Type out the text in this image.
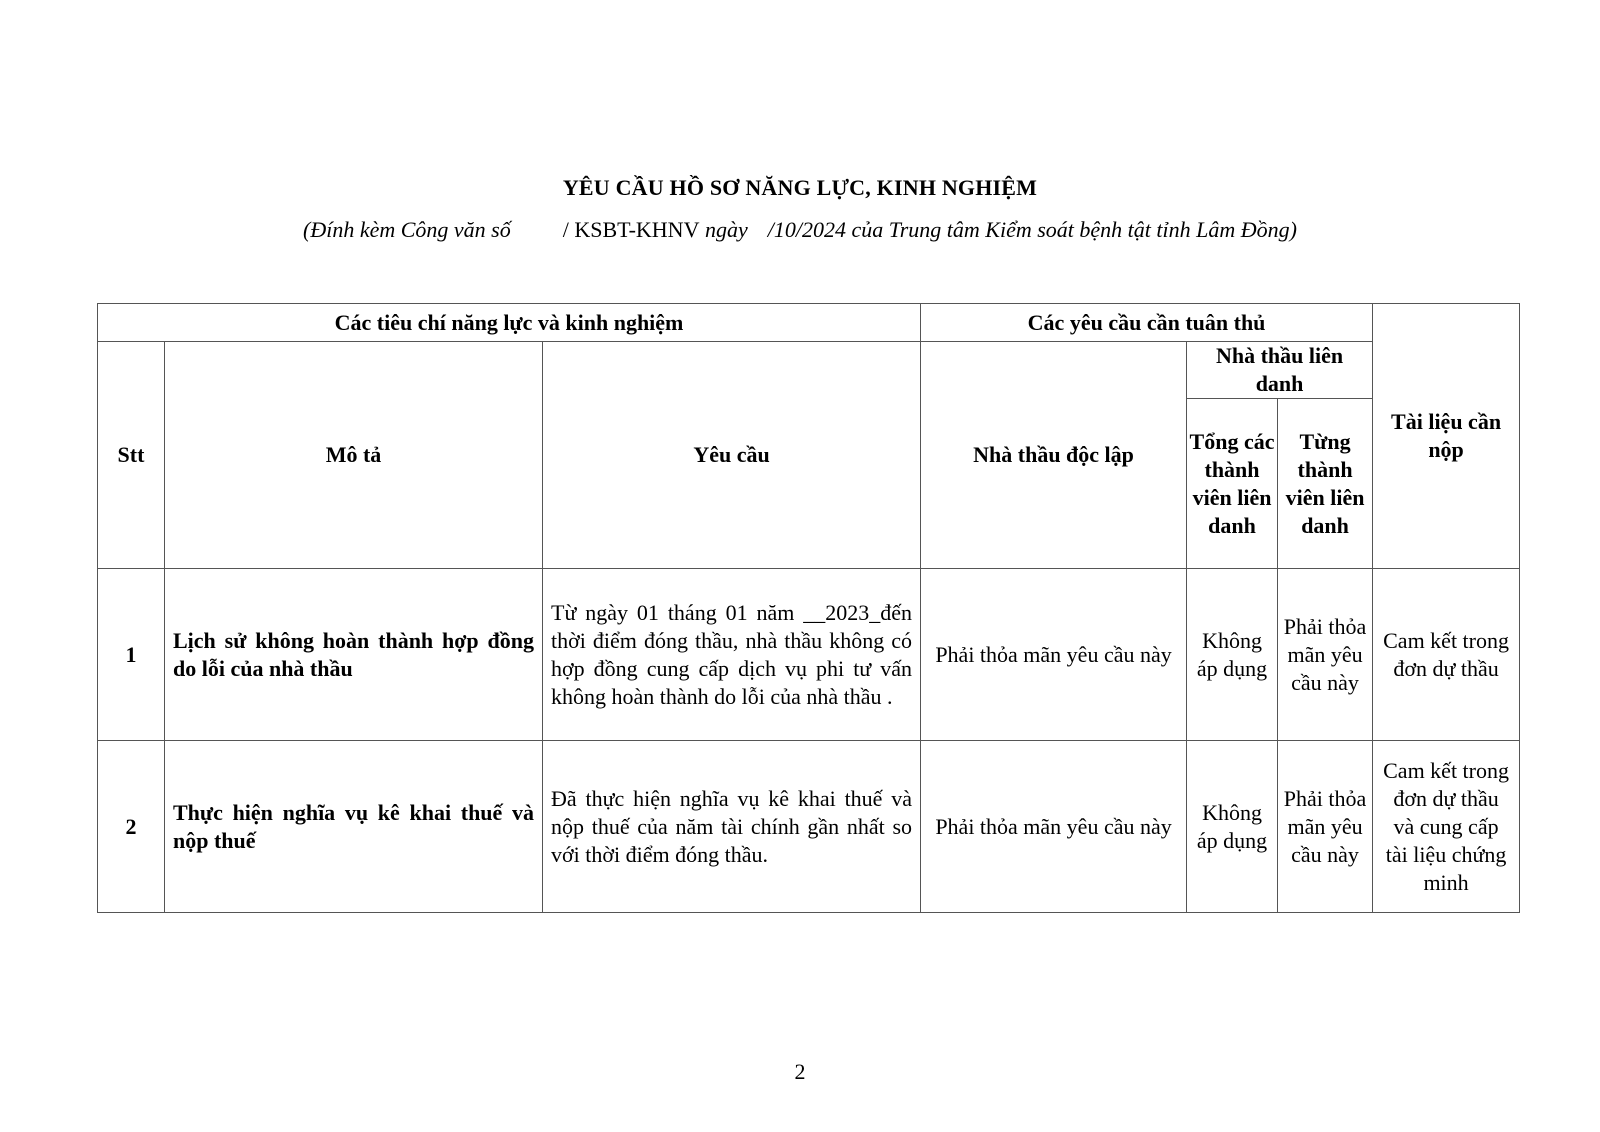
YÊU CẦU HỒ SƠ NĂNG LỰC, KINH NGHIỆM
(Đính kèm Công văn số / KSBT-KHNV ngày /10/2024 của Trung tâm Kiểm soát bệnh tật tỉnh Lâm Đồng)
Các tiêu chí năng lực và kinh nghiệm			Các yêu cầu cần tuân thủ			Tài liệu cần nộp
Stt	Mô tả	Yêu cầu	Nhà thầu độc lập	Nhà thầu liên danh		
				Tổng các thành viên liên danh	Từng thành viên liên danh	
1	Lịch sử không hoàn thành hợp đồng do lỗi của nhà thầu	Từ ngày 01 tháng 01 năm __2023_đến thời điểm đóng thầu, nhà thầu không có hợp đồng cung cấp dịch vụ phi tư vấn không hoàn thành do lỗi của nhà thầu .	Phải thỏa mãn yêu cầu này	Không áp dụng	Phải thỏa mãn yêu cầu này	Cam kết trong đơn dự thầu
2	Thực hiện nghĩa vụ kê khai thuế và nộp thuế	Đã thực hiện nghĩa vụ kê khai thuế và nộp thuế của năm tài chính gần nhất so với thời điểm đóng thầu.	Phải thỏa mãn yêu cầu này	Không áp dụng	Phải thỏa mãn yêu cầu này	Cam kết trong đơn dự thầu và cung cấp tài liệu chứng minh
2
